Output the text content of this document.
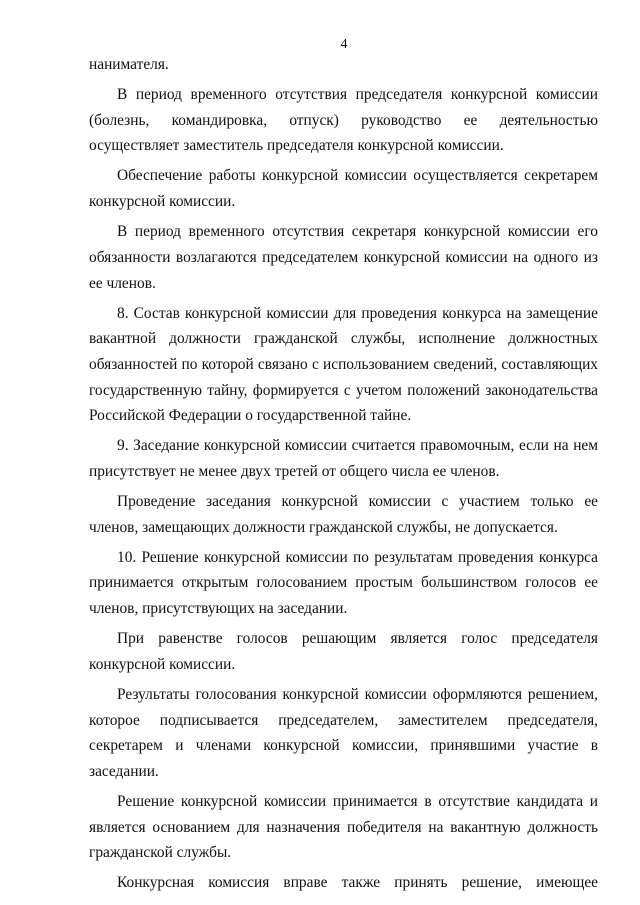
4

нанимателя.

В период временного отсутствия председателя конкурсной комиссии (болезнь, командировка, отпуск) руководство ее деятельностью осуществляет заместитель председателя конкурсной комиссии.

Обеспечение работы конкурсной комиссии осуществляется секретарем конкурсной комиссии.

В период временного отсутствия секретаря конкурсной комиссии его обязанности возлагаются председателем конкурсной комиссии на одного из ее членов.

8. Состав конкурсной комиссии для проведения конкурса на замещение вакантной должности гражданской службы, исполнение должностных обязанностей по которой связано с использованием сведений, составляющих государственную тайну, формируется с учетом положений законодательства Российской Федерации о государственной тайне.

9. Заседание конкурсной комиссии считается правомочным, если на нем присутствует не менее двух третей от общего числа ее членов.

Проведение заседания конкурсной комиссии с участием только ее членов, замещающих должности гражданской службы, не допускается.

10. Решение конкурсной комиссии по результатам проведения конкурса принимается открытым голосованием простым большинством голосов ее членов, присутствующих на заседании.

При равенстве голосов решающим является голос председателя конкурсной комиссии.

Результаты голосования конкурсной комиссии оформляются решением, которое подписывается председателем, заместителем председателя, секретарем и членами конкурсной комиссии, принявшими участие в заседании.

Решение конкурсной комиссии принимается в отсутствие кандидата и является основанием для назначения победителя на вакантную должность гражданской службы.

Конкурсная комиссия вправе также принять решение, имеющее
